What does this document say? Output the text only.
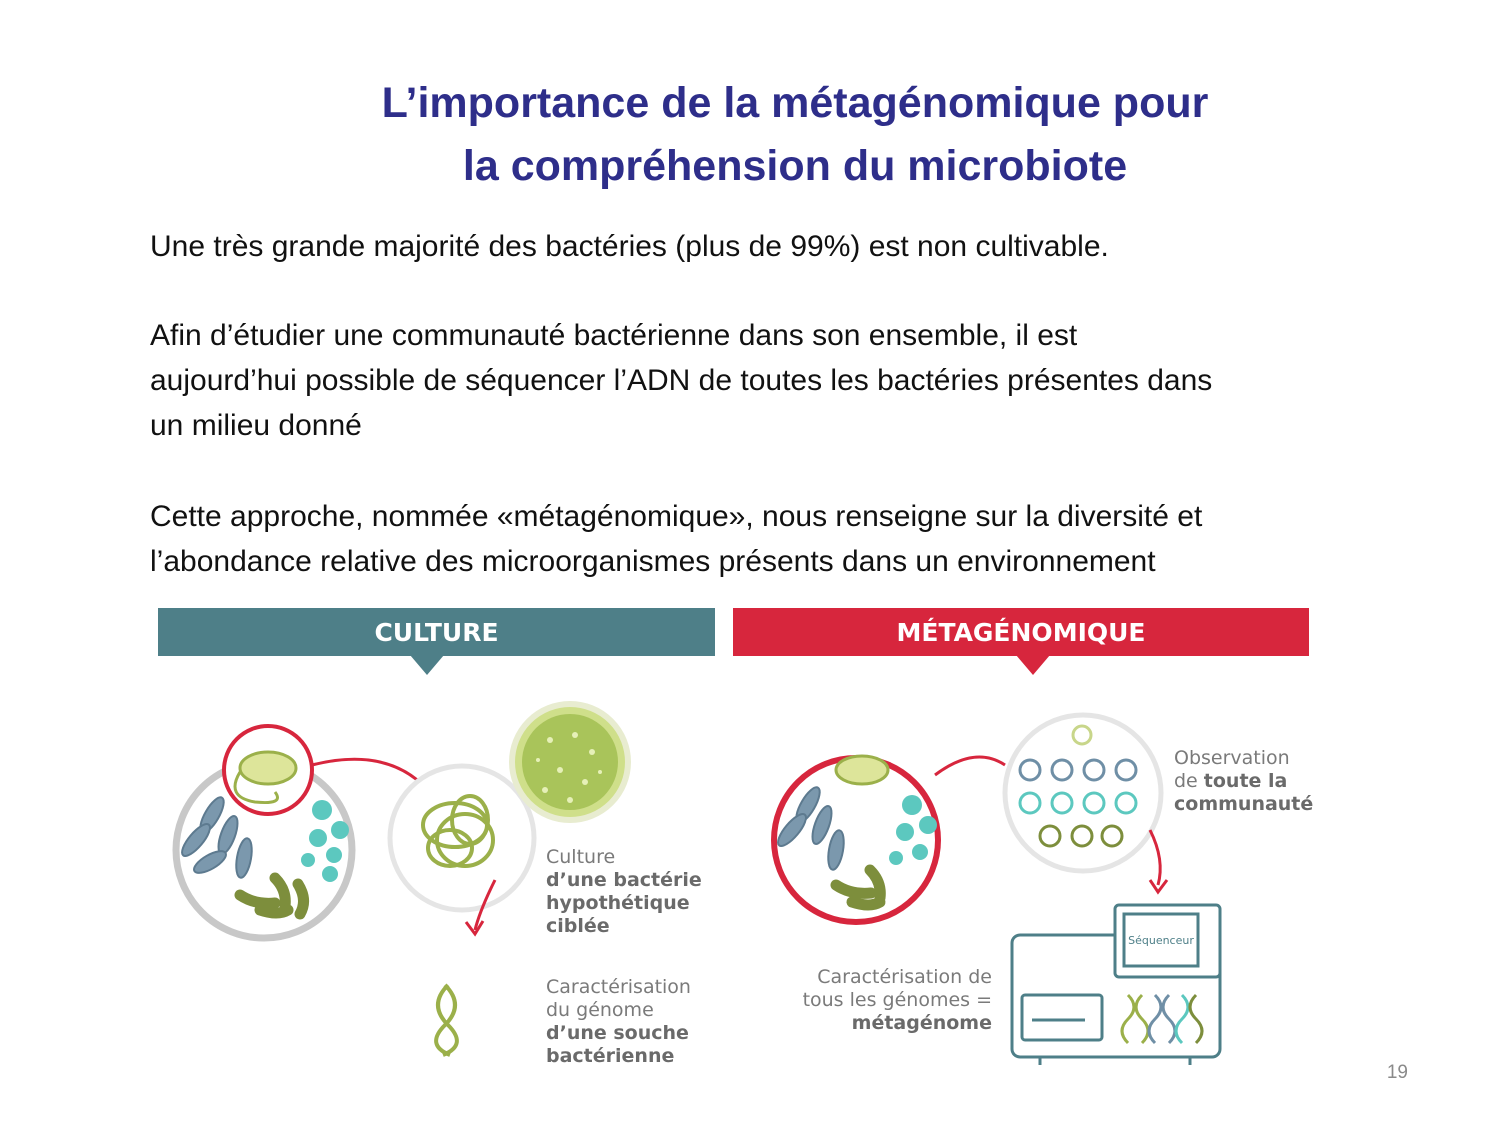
L’importance de la métagénomique pour
la compréhension du microbiote
Une très grande majorité des bactéries (plus de 99%) est non cultivable.
Afin d’étudier une communauté bactérienne dans son ensemble, il est
aujourd’hui possible de séquencer l’ADN de toutes les bactéries présentes dans
un milieu donné
Cette approche, nommée «métagénomique», nous renseigne sur la diversité et
l’abondance relative des microorganismes présents dans un environnement
Séquenceur
CULTURE	MÉTAGÉNOMIQUE
Culture
d’une bactérie
hypothétique
ciblée
Caractérisation
du génome
d’une souche
bactérienne
Observation
de toute la
communauté
Caractérisation de
tous les génomes =
métagénome
19
